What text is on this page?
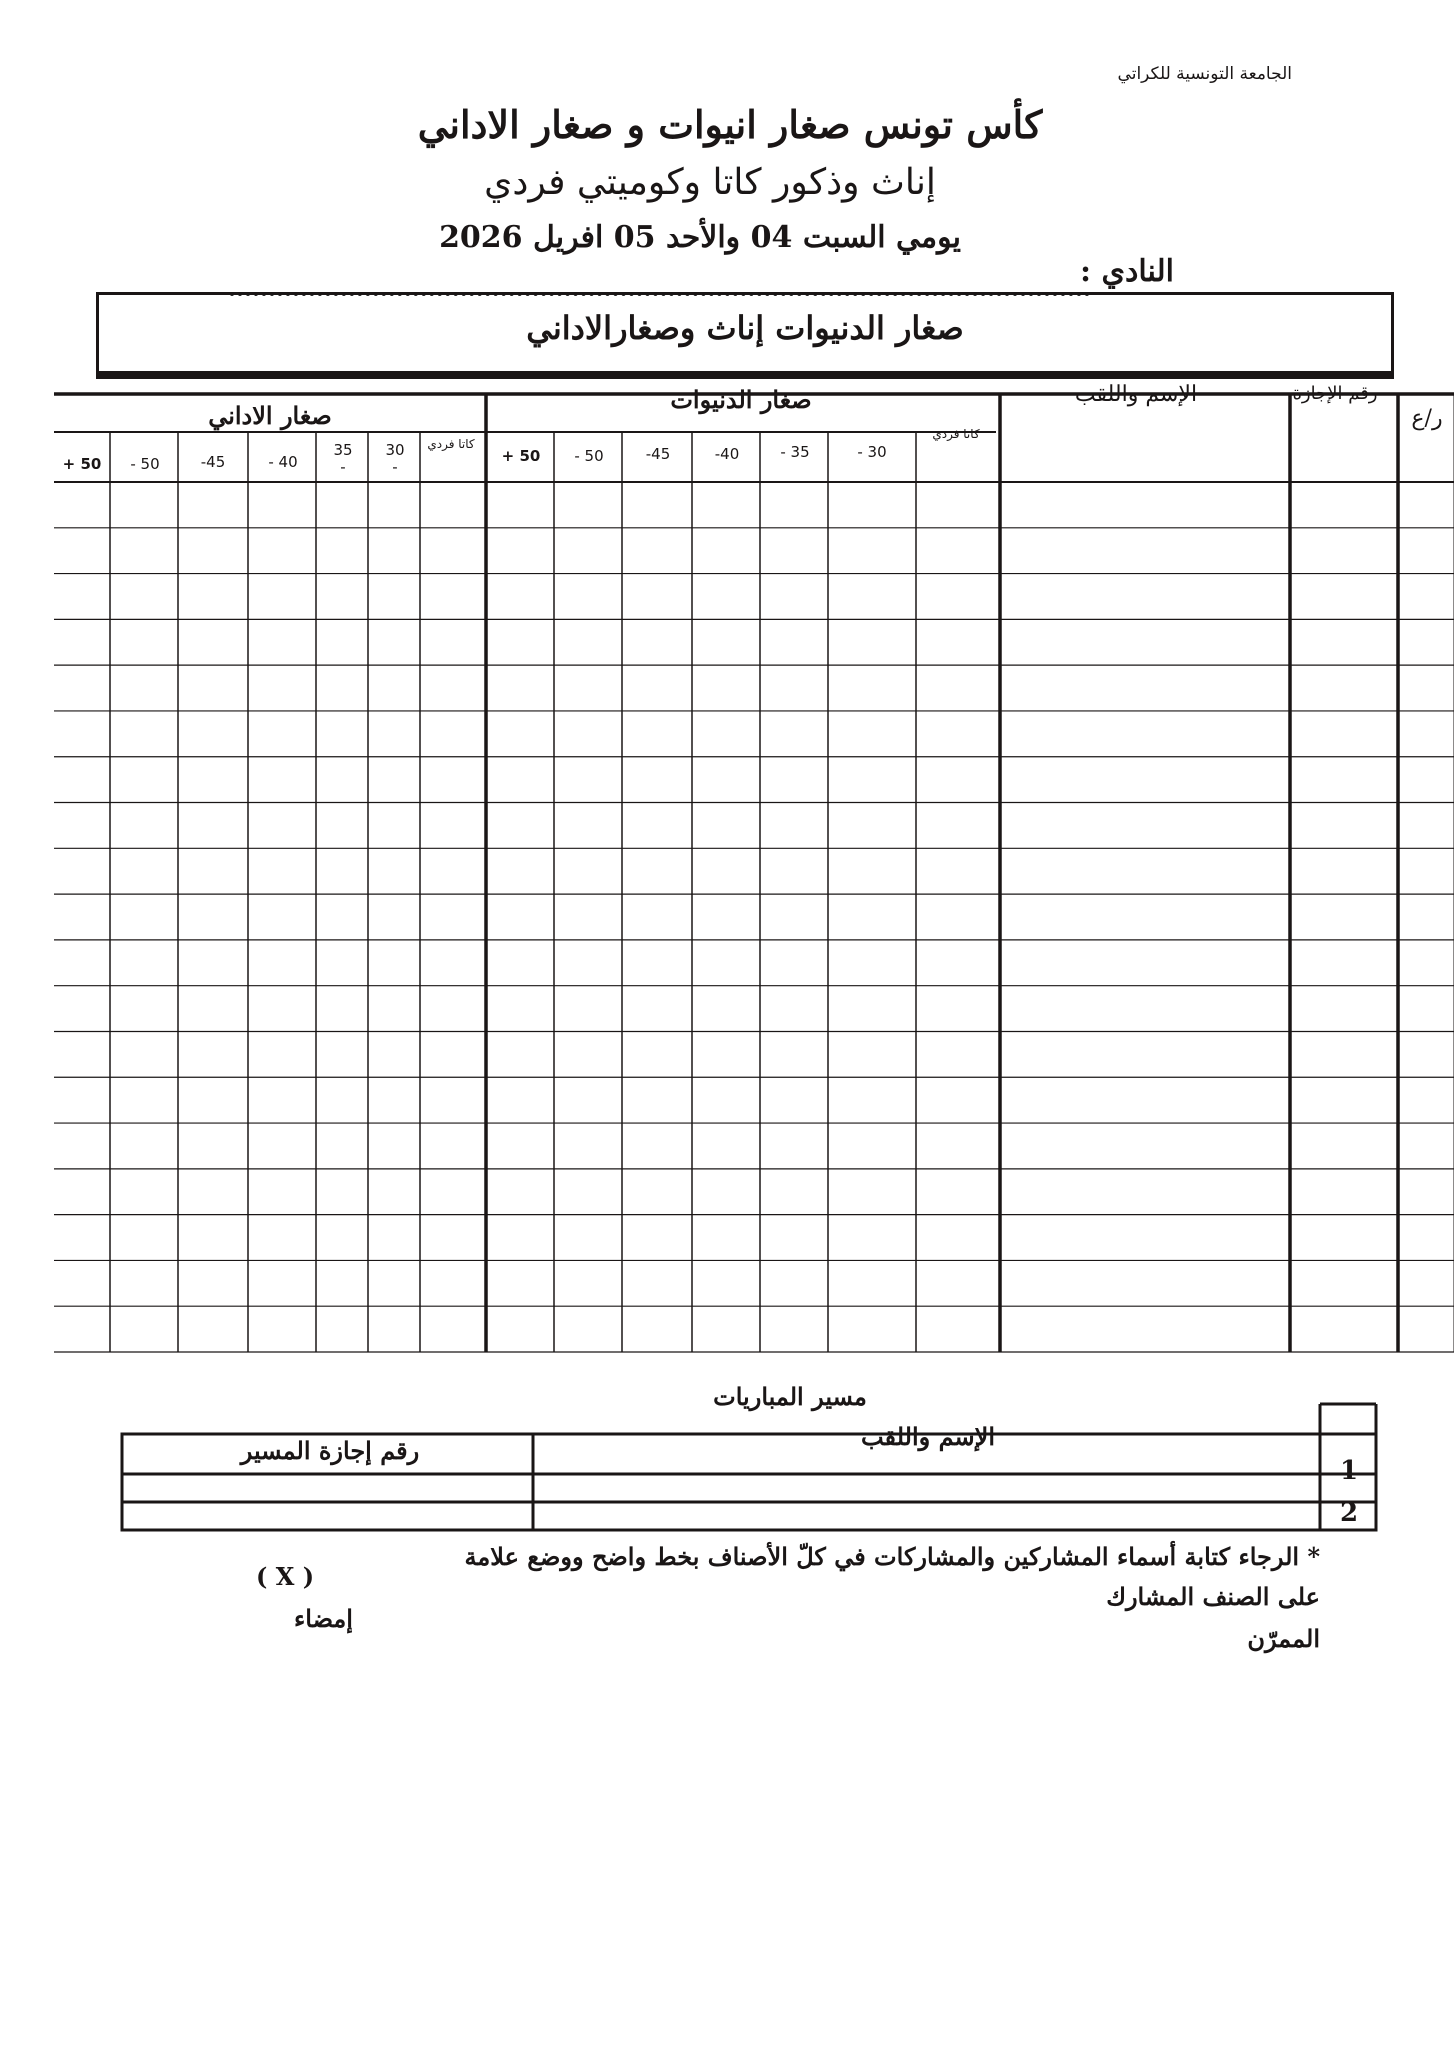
الجامعة التونسية للكراتي
كأس تونس صغار انيوات و صغار الاداني
إناث وذكور كاتا وكوميتي فردي
يومي السبت 04 والأحد 05 افريل 2026
النادي :
صغار الدنيوات إناث وصغارالاداني
ر/ع
رقم الإجازة
الإسم واللقب
صغار الدنيوات
صغار الاداني
كاتا فردي
كاتا فردي	- 30
- 35
-40
-45
- 50
+ 50
30 -
35 -
- 40
-45
- 50
+ 50
مسير المباريات
الإسم واللقب
رقم إجازة المسير
1
2
* الرجاء كتابة أسماء المشاركين والمشاركات في كلّ الأصناف بخط واضح ووضع علامة
( X )
على الصنف المشارك
إمضاء
الممرّن
